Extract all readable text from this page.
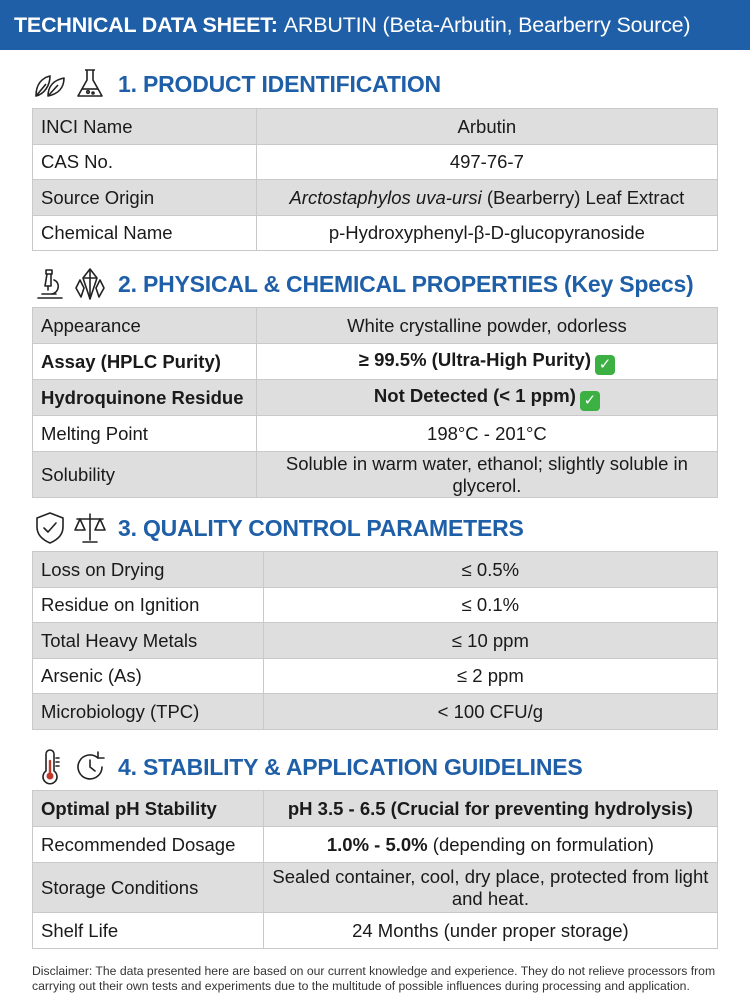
TECHNICAL DATA SHEET: ARBUTIN (Beta-Arbutin, Bearberry Source)
1. PRODUCT IDENTIFICATION
INCI Name	Arbutin
CAS No.	497-76-7
Source Origin	Arctostaphylos uva-ursi (Bearberry) Leaf Extract
Chemical Name	p-Hydroxyphenyl-β-D-glucopyranoside
2. PHYSICAL & CHEMICAL PROPERTIES (Key Specs)
Appearance	White crystalline powder, odorless
Assay (HPLC Purity)	≥ 99.5% (Ultra-High Purity) ✓
Hydroquinone Residue	Not Detected (< 1 ppm) ✓
Melting Point	198°C - 201°C
Solubility	Soluble in warm water, ethanol; slightly soluble in glycerol.
3. QUALITY CONTROL PARAMETERS
Loss on Drying	≤ 0.5%
Residue on Ignition	≤ 0.1%
Total Heavy Metals	≤ 10 ppm
Arsenic (As)	≤ 2 ppm
Microbiology (TPC)	< 100 CFU/g
4. STABILITY & APPLICATION GUIDELINES
Optimal pH Stability	pH 3.5 - 6.5 (Crucial for preventing hydrolysis)
Recommended Dosage	1.0% - 5.0% (depending on formulation)
Storage Conditions	Sealed container, cool, dry place, protected from light and heat.
Shelf Life	24 Months (under proper storage)
Disclaimer: The data presented here are based on our current knowledge and experience. They do not relieve processors from carrying out their own tests and experiments due to the multitude of possible influences during processing and application.
